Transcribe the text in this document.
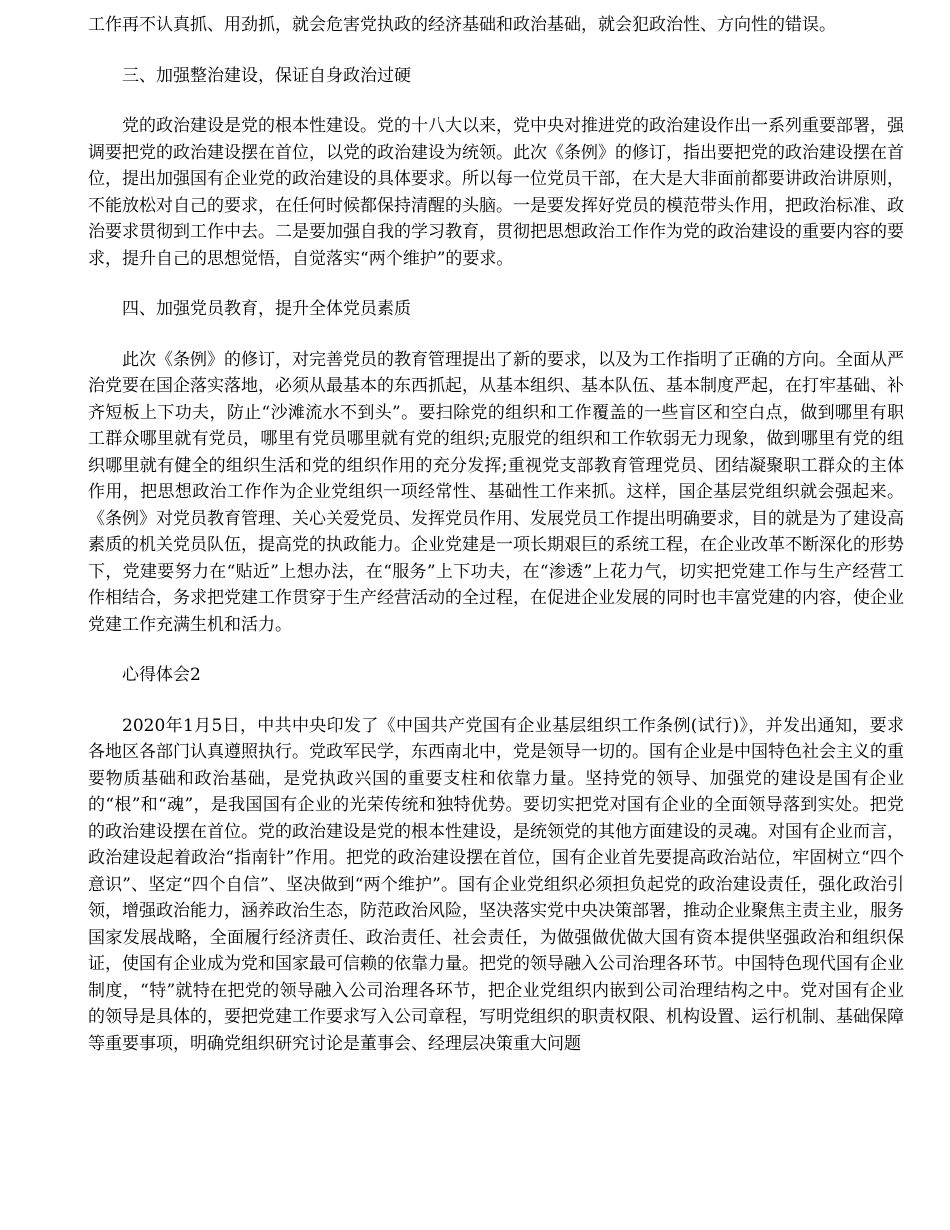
工作再不认真抓、用劲抓，就会危害党执政的经济基础和政治基础，就会犯政治性、方向性的错误。

三、加强整治建设，保证自身政治过硬

党的政治建设是党的根本性建设。党的十八大以来，党中央对推进党的政治建设作出一系列重要部署，强调要把党的政治建设摆在首位，以党的政治建设为统领。此次《条例》的修订，指出要把党的政治建设摆在首位，提出加强国有企业党的政治建设的具体要求。所以每一位党员干部，在大是大非面前都要讲政治讲原则，不能放松对自己的要求，在任何时候都保持清醒的头脑。一是要发挥好党员的模范带头作用，把政治标准、政治要求贯彻到工作中去。二是要加强自我的学习教育，贯彻把思想政治工作作为党的政治建设的重要内容的要求，提升自己的思想觉悟，自觉落实“两个维护”的要求。

四、加强党员教育，提升全体党员素质

此次《条例》的修订，对完善党员的教育管理提出了新的要求，以及为工作指明了正确的方向。全面从严治党要在国企落实落地，必须从最基本的东西抓起，从基本组织、基本队伍、基本制度严起，在打牢基础、补齐短板上下功夫，防止“沙滩流水不到头”。要扫除党的组织和工作覆盖的一些盲区和空白点，做到哪里有职工群众哪里就有党员，哪里有党员哪里就有党的组织;克服党的组织和工作软弱无力现象，做到哪里有党的组织哪里就有健全的组织生活和党的组织作用的充分发挥;重视党支部教育管理党员、团结凝聚职工群众的主体作用，把思想政治工作作为企业党组织一项经常性、基础性工作来抓。这样，国企基层党组织就会强起来。《条例》对党员教育管理、关心关爱党员、发挥党员作用、发展党员工作提出明确要求，目的就是为了建设高素质的机关党员队伍，提高党的执政能力。企业党建是一项长期艰巨的系统工程，在企业改革不断深化的形势下，党建要努力在“贴近”上想办法，在“服务”上下功夫，在“渗透”上花力气，切实把党建工作与生产经营工作相结合，务求把党建工作贯穿于生产经营活动的全过程，在促进企业发展的同时也丰富党建的内容，使企业党建工作充满生机和活力。

心得体会2

2020年1月5日，中共中央印发了《中国共产党国有企业基层组织工作条例(试行)》，并发出通知，要求各地区各部门认真遵照执行。党政军民学，东西南北中，党是领导一切的。国有企业是中国特色社会主义的重要物质基础和政治基础，是党执政兴国的重要支柱和依靠力量。坚持党的领导、加强党的建设是国有企业的“根”和“魂”，是我国国有企业的光荣传统和独特优势。要切实把党对国有企业的全面领导落到实处。把党的政治建设摆在首位。党的政治建设是党的根本性建设，是统领党的其他方面建设的灵魂。对国有企业而言，政治建设起着政治“指南针”作用。把党的政治建设摆在首位，国有企业首先要提高政治站位，牢固树立“四个意识”、坚定“四个自信”、坚决做到“两个维护”。国有企业党组织必须担负起党的政治建设责任，强化政治引领，增强政治能力，涵养政治生态，防范政治风险，坚决落实党中央决策部署，推动企业聚焦主责主业，服务国家发展战略，全面履行经济责任、政治责任、社会责任，为做强做优做大国有资本提供坚强政治和组织保证，使国有企业成为党和国家最可信赖的依靠力量。把党的领导融入公司治理各环节。中国特色现代国有企业制度，“特”就特在把党的领导融入公司治理各环节，把企业党组织内嵌到公司治理结构之中。党对国有企业的领导是具体的，要把党建工作要求写入公司章程，写明党组织的职责权限、机构设置、运行机制、基础保障等重要事项，明确党组织研究讨论是董事会、经理层决策重大问题
